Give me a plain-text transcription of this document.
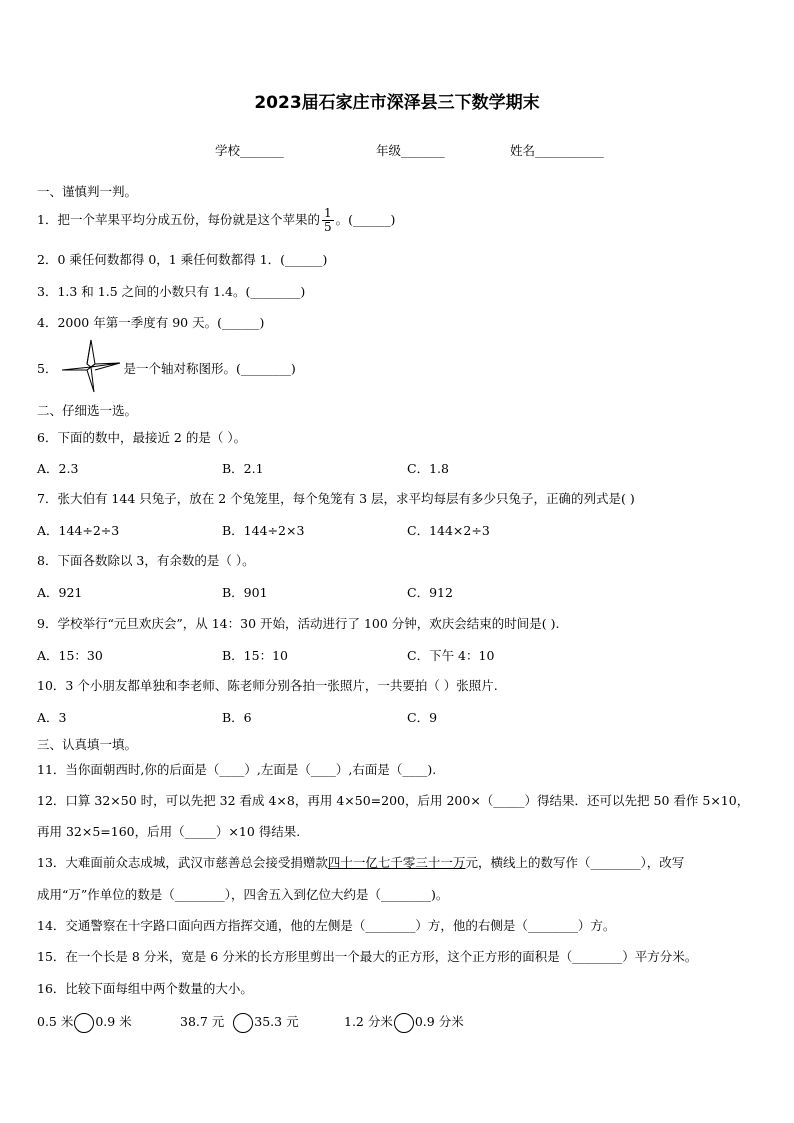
2023届石家庄市深泽县三下数学期末
学校_______	年级_______	姓名___________
一、谨慎判一判。
1．把一个苹果平均分成五份，每份就是这个苹果的 $\frac{1}{5}$ 。(______)
2．0 乘任何数都得 0，1 乘任何数都得 1．(______)
3．1.3 和 1.5 之间的小数只有 1.4。(________)
4．2000 年第一季度有 90 天。(______)
5．	是一个轴对称图形。(________)
二、仔细选一选。
6．下面的数中，最接近 2 的是（ ）。
A．2.3	B．2.1	C．1.8
7．张大伯有 144 只兔子，放在 2 个兔笼里，每个兔笼有 3 层，求平均每层有多少只兔子，正确的列式是( )
A．144÷2÷3	B．144÷2×3	C．144×2÷3
8．下面各数除以 3，有余数的是（ ）。
A．921	B．901	C．912
9．学校举行“元旦欢庆会”，从 14：30 开始，活动进行了 100 分钟，欢庆会结束的时间是( ).
A．15：30	B．15：10	C．下午 4：10
10．3 个小朋友都单独和李老师、陈老师分别各拍一张照片，一共要拍（ ）张照片.
A．3	B．6	C．9
三、认真填一填。
11．当你面朝西时,你的后面是（____）,左面是（____）,右面是（____).
12．口算 32×50 时，可以先把 32 看成 4×8，再用 4×50=200，后用 200×（_____）得结果．还可以先把 50 看作 5×10，
再用 32×5=160，后用（_____）×10 得结果.
13．大难面前众志成城，武汉市慈善总会接受捐赠款四十一亿七千零三十一万元，横线上的数写作（________），改写
成用“万”作单位的数是（________），四舍五入到亿位大约是（________)。
14．交通警察在十字路口面向西方指挥交通，他的左侧是（________）方，他的右侧是（________）方。
15．在一个长是 8 分米，宽是 6 分米的长方形里剪出一个最大的正方形，这个正方形的面积是（________）平方分米。
16．比较下面每组中两个数量的大小。
0.5 米 0.9 米	38.7 元 35.3 元	1.2 分米 0.9 分米
